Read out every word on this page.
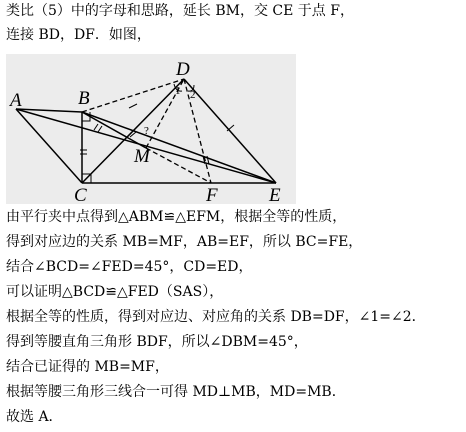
类比（5）中的字母和思路，延长 BM，交 CE 于点 F，
连接 BD，DF．如图，
1 2
?
A	B
C
D
M
F	E
由平行夹中点得到△ABM≌△EFM，根据全等的性质，
得到对应边的关系 MB=MF，AB=EF，所以 BC=FE，
结合∠BCD=∠FED=45°，CD=ED，
可以证明△BCD≌△FED（SAS），
根据全等的性质，得到对应边、对应角的关系 DB=DF，∠1=∠2．
得到等腰直角三角形 BDF，所以∠DBM=45°，
结合已证得的 MB=MF，
根据等腰三角形三线合一可得 MD⊥MB，MD=MB．
故选 A．
